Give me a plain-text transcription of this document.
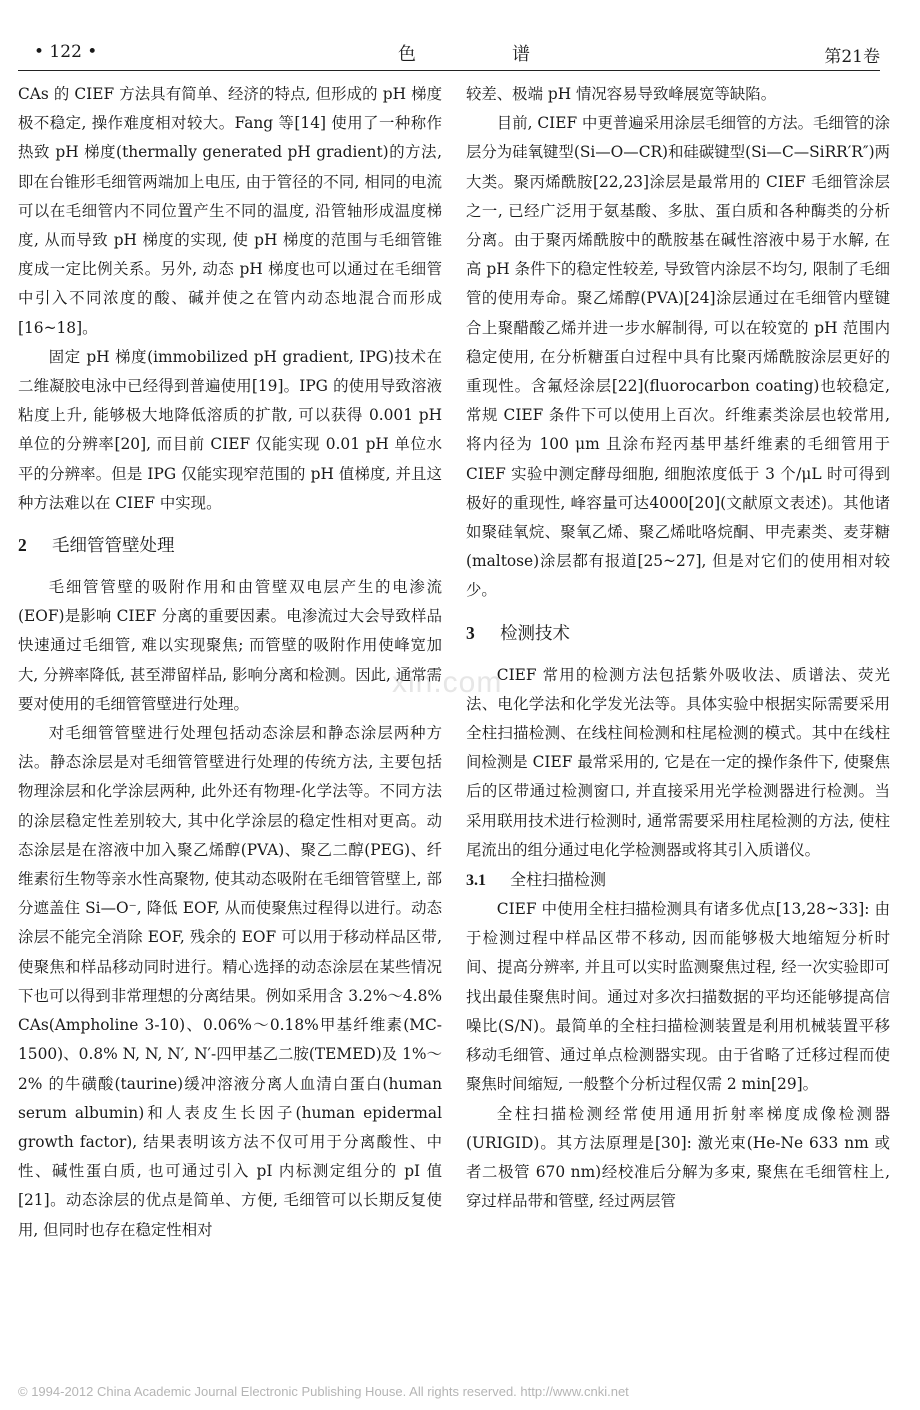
• 122 •	色谱	第21卷
xin.com

CAs 的 CIEF 方法具有简单、经济的特点, 但形成的 pH 梯度极不稳定, 操作难度相对较大。Fang 等[14] 使用了一种称作热致 pH 梯度(thermally generated pH gradient)的方法, 即在台锥形毛细管两端加上电压, 由于管径的不同, 相同的电流可以在毛细管内不同位置产生不同的温度, 沿管轴形成温度梯度, 从而导致 pH 梯度的实现, 使 pH 梯度的范围与毛细管锥度成一定比例关系。另外, 动态 pH 梯度也可以通过在毛细管中引入不同浓度的酸、碱并使之在管内动态地混合而形成[16~18]。

固定 pH 梯度(immobilized pH gradient, IPG)技术在二维凝胶电泳中已经得到普遍使用[19]。IPG 的使用导致溶液粘度上升, 能够极大地降低溶质的扩散, 可以获得 0.001 pH 单位的分辨率[20], 而目前 CIEF 仅能实现 0.01 pH 单位水平的分辨率。但是 IPG 仅能实现窄范围的 pH 值梯度, 并且这种方法难以在 CIEF 中实现。

2 毛细管管壁处理

毛细管管壁的吸附作用和由管壁双电层产生的电渗流(EOF)是影响 CIEF 分离的重要因素。电渗流过大会导致样品快速通过毛细管, 难以实现聚焦; 而管壁的吸附作用使峰宽加大, 分辨率降低, 甚至滞留样品, 影响分离和检测。因此, 通常需要对使用的毛细管管壁进行处理。

对毛细管管壁进行处理包括动态涂层和静态涂层两种方法。静态涂层是对毛细管管壁进行处理的传统方法, 主要包括物理涂层和化学涂层两种, 此外还有物理-化学法等。不同方法的涂层稳定性差别较大, 其中化学涂层的稳定性相对更高。动态涂层是在溶液中加入聚乙烯醇(PVA)、聚乙二醇(PEG)、纤维素衍生物等亲水性高聚物, 使其动态吸附在毛细管管壁上, 部分遮盖住 Si—O⁻, 降低 EOF, 从而使聚焦过程得以进行。动态涂层不能完全消除 EOF, 残余的 EOF 可以用于移动样品区带, 使聚焦和样品移动同时进行。精心选择的动态涂层在某些情况下也可以得到非常理想的分离结果。例如采用含 3.2%～4.8% CAs(Ampholine 3-10)、0.06%～0.18%甲基纤维素(MC-1500)、0.8% N, N, N′, N′-四甲基乙二胺(TEMED)及 1%～2% 的牛磺酸(taurine)缓冲溶液分离人血清白蛋白(human serum albumin)和人表皮生长因子(human epidermal growth factor), 结果表明该方法不仅可用于分离酸性、中性、碱性蛋白质, 也可通过引入 pI 内标测定组分的 pI 值[21]。动态涂层的优点是简单、方便, 毛细管可以长期反复使用, 但同时也存在稳定性相对

较差、极端 pH 情况容易导致峰展宽等缺陷。

目前, CIEF 中更普遍采用涂层毛细管的方法。毛细管的涂层分为硅氧键型(Si—O—CR)和硅碳键型(Si—C—SiRR′R″)两大类。聚丙烯酰胺[22,23]涂层是最常用的 CIEF 毛细管涂层之一, 已经广泛用于氨基酸、多肽、蛋白质和各种酶类的分析分离。由于聚丙烯酰胺中的酰胺基在碱性溶液中易于水解, 在高 pH 条件下的稳定性较差, 导致管内涂层不均匀, 限制了毛细管的使用寿命。聚乙烯醇(PVA)[24]涂层通过在毛细管内壁键合上聚醋酸乙烯并进一步水解制得, 可以在较宽的 pH 范围内稳定使用, 在分析糖蛋白过程中具有比聚丙烯酰胺涂层更好的重现性。含氟烃涂层[22](fluorocarbon coating)也较稳定, 常规 CIEF 条件下可以使用上百次。纤维素类涂层也较常用, 将内径为 100 μm 且涂布羟丙基甲基纤维素的毛细管用于 CIEF 实验中测定酵母细胞, 细胞浓度低于 3 个/μL 时可得到极好的重现性, 峰容量可达4000[20](文献原文表述)。其他诸如聚硅氧烷、聚氧乙烯、聚乙烯吡咯烷酮、甲壳素类、麦芽糖(maltose)涂层都有报道[25~27], 但是对它们的使用相对较少。

3 检测技术

CIEF 常用的检测方法包括紫外吸收法、质谱法、荧光法、电化学法和化学发光法等。具体实验中根据实际需要采用全柱扫描检测、在线柱间检测和柱尾检测的模式。其中在线柱间检测是 CIEF 最常采用的, 它是在一定的操作条件下, 使聚焦后的区带通过检测窗口, 并直接采用光学检测器进行检测。当采用联用技术进行检测时, 通常需要采用柱尾检测的方法, 使柱尾流出的组分通过电化学检测器或将其引入质谱仪。

3.1 全柱扫描检测

CIEF 中使用全柱扫描检测具有诸多优点[13,28~33]: 由于检测过程中样品区带不移动, 因而能够极大地缩短分析时间、提高分辨率, 并且可以实时监测聚焦过程, 经一次实验即可找出最佳聚焦时间。通过对多次扫描数据的平均还能够提高信噪比(S/N)。最简单的全柱扫描检测装置是利用机械装置平移移动毛细管、通过单点检测器实现。由于省略了迁移过程而使聚焦时间缩短, 一般整个分析过程仅需 2 min[29]。

全柱扫描检测经常使用通用折射率梯度成像检测器(URIGID)。其方法原理是[30]: 激光束(He-Ne 633 nm 或者二极管 670 nm)经校准后分解为多束, 聚焦在毛细管柱上, 穿过样品带和管壁, 经过两层管

© 1994-2012 China Academic Journal Electronic Publishing House. All rights reserved. http://www.cnki.net
